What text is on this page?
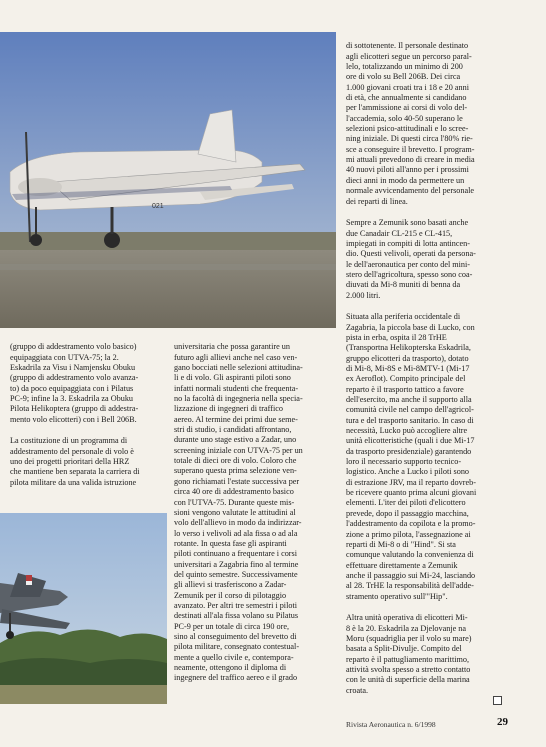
021

(gruppo di addestramento volo basico)
equipaggiata con UTVA-75; la 2.
Eskadrila za Visu i Namjensku Obuku
(gruppo di addestramento volo avanza-
to) da poco equipaggiata con i Pilatus
PC-9; infine la 3. Eskadrila za Obuku
Pilota Helikoptera (gruppo di addestra-
mento volo elicotteri) con i Bell 206B.

La costituzione di un programma di
addestramento del personale di volo è
uno dei progetti prioritari della HRZ
che mantiene ben separata la carriera di
pilota militare da una valida istruzione

universitaria che possa garantire un
futuro agli allievi anche nel caso ven-
gano bocciati nelle selezioni attitudina-
li e di volo. Gli aspiranti piloti sono
infatti normali studenti che frequenta-
no la facoltà di ingegneria nella specia-
lizzazione di ingegneri di traffico
aereo. Al termine dei primi due seme-
stri di studio, i candidati affrontano,
durante uno stage estivo a Zadar, uno
screening iniziale con UTVA-75 per un
totale di dieci ore di volo. Coloro che
superano questa prima selezione ven-
gono richiamati l'estate successiva per
circa 40 ore di addestramento basico
con l'UTVA-75. Durante queste mis-
sioni vengono valutate le attitudini al
volo dell'allievo in modo da indirizzar-
lo verso i velivoli ad ala fissa o ad ala
rotante. In questa fase gli aspiranti
piloti continuano a frequentare i corsi
universitari a Zagabria fino al termine
del quinto semestre. Successivamente
gli allievi si trasferiscono a Zadar-
Zemunik per il corso di pilotaggio
avanzato. Per altri tre semestri i piloti
destinati all'ala fissa volano su Pilatus
PC-9 per un totale di circa 190 ore,
sino al conseguimento del brevetto di
pilota militare, consegnato contestual-
mente a quello civile e, contempora-
neamente, ottengono il diploma di
ingegnere del traffico aereo e il grado

di sottotenente. Il personale destinato
agli elicotteri segue un percorso paral-
lelo, totalizzando un minimo di 200
ore di volo su Bell 206B. Dei circa
1.000 giovani croati tra i 18 e 20 anni
di età, che annualmente si candidano
per l'ammissione ai corsi di volo del-
l'accademia, solo 40-50 superano le
selezioni psico-attitudinali e lo scree-
ning iniziale. Di questi circa l'80% rie-
sce a conseguire il brevetto. I program-
mi attuali prevedono di creare in media
40 nuovi piloti all'anno per i prossimi
dieci anni in modo da permettere un
normale avvicendamento del personale
dei reparti di linea.

Sempre a Zemunik sono basati anche
due Canadair CL-215 e CL-415,
impiegati in compiti di lotta antincen-
dio. Questi velivoli, operati da persona-
le dell'aeronautica per conto del mini-
stero dell'agricoltura, spesso sono coa-
diuvati da Mi-8 muniti di benna da
2.000 litri.

Situata alla periferia occidentale di
Zagabria, la piccola base di Lucko, con
pista in erba, ospita il 28 TrHE
(Transportna Helikopterska Eskadrila,
gruppo elicotteri da trasporto), dotato
di Mi-8, Mi-8S e Mi-8MTV-1 (Mi-17
ex Aeroflot). Compito principale del
reparto è il trasporto tattico a favore
dell'esercito, ma anche il supporto alla
comunità civile nel campo dell'agricol-
tura e del trasporto sanitario. In caso di
necessità, Lucko può accogliere altre
unità elicotteristiche (quali i due Mi-17
da trasporto presidenziale) garantendo
loro il necessario supporto tecnico-
logistico. Anche a Lucko i piloti sono
di estrazione JRV, ma il reparto dovreb-
be ricevere quanto prima alcuni giovani
elementi. L'iter dei piloti d'elicottero
prevede, dopo il passaggio macchina,
l'addestramento da copilota e la promo-
zione a primo pilota, l'assegnazione ai
reparti di Mi-8 o di "Hind". Si sta
comunque valutando la convenienza di
effettuare direttamente a Zemunik
anche il passaggio sui Mi-24, lasciando
al 28. TrHE la responsabilità dell'adde-
stramento operativo sull'"Hip".

Altra unità operativa di elicotteri Mi-
8 è la 20. Eskadrila za Djelovanje na
Moru (squadriglia per il volo su mare)
basata a Split-Divulje. Compito del
reparto è il pattugliamento marittimo,
attività svolta spesso a stretto contatto
con le unità di superficie della marina
croata.

Rivista Aeronautica n. 6/1998	29
